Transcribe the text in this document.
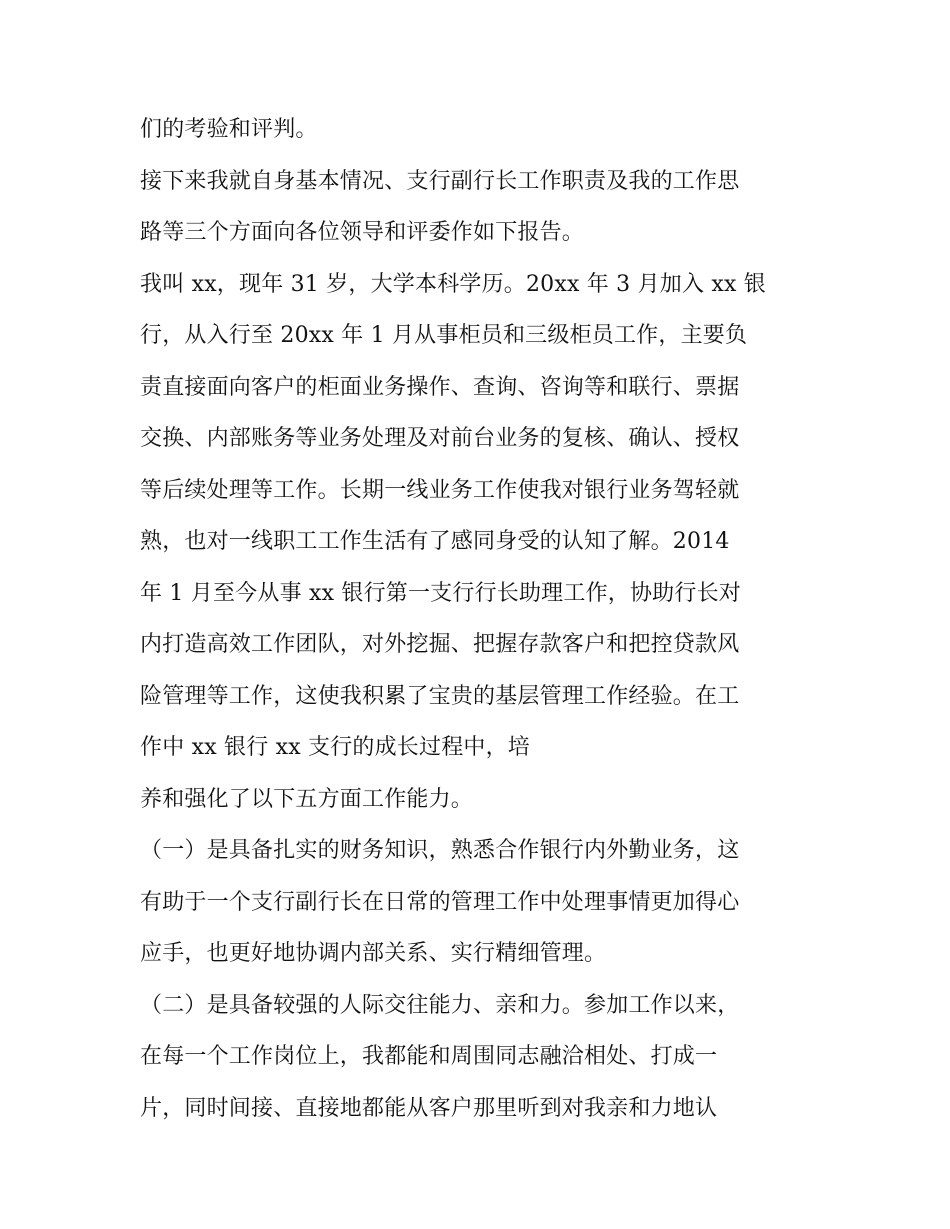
们的考验和评判。
接下来我就自身基本情况、支行副行长工作职责及我的工作思
路等三个方面向各位领导和评委作如下报告。
我叫 xx，现年 31 岁，大学本科学历。20xx 年 3 月加入 xx 银
行，从入行至 20xx 年 1 月从事柜员和三级柜员工作，主要负
责直接面向客户的柜面业务操作、查询、咨询等和联行、票据
交换、内部账务等业务处理及对前台业务的复核、确认、授权
等后续处理等工作。长期一线业务工作使我对银行业务驾轻就
熟，也对一线职工工作生活有了感同身受的认知了解。2014
年 1 月至今从事 xx 银行第一支行行长助理工作，协助行长对
内打造高效工作团队，对外挖掘、把握存款客户和把控贷款风
险管理等工作，这使我积累了宝贵的基层管理工作经验。在工
作中 xx 银行 xx 支行的成长过程中，培
养和强化了以下五方面工作能力。
（一）是具备扎实的财务知识，熟悉合作银行内外勤业务，这
有助于一个支行副行长在日常的管理工作中处理事情更加得心
应手，也更好地协调内部关系、实行精细管理。
（二）是具备较强的人际交往能力、亲和力。参加工作以来，
在每一个工作岗位上，我都能和周围同志融洽相处、打成一
片，同时间接、直接地都能从客户那里听到对我亲和力地认
